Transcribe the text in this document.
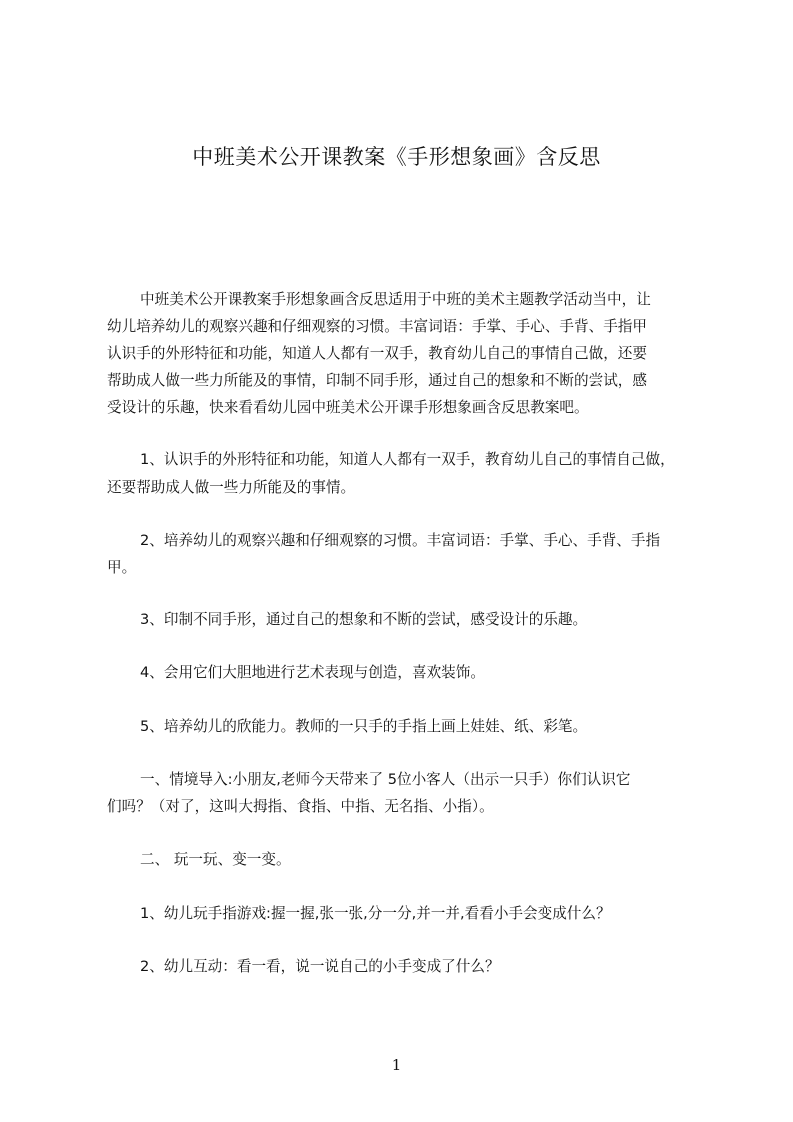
中班美术公开课教案《手形想象画》含反思
中班美术公开课教案手形想象画含反思适用于中班的美术主题教学活动当中，让
幼儿培养幼儿的观察兴趣和仔细观察的习惯。丰富词语：手掌、手心、手背、手指甲
认识手的外形特征和功能，知道人人都有一双手，教育幼儿自己的事情自己做，还要
帮助成人做一些力所能及的事情，印制不同手形，通过自己的想象和不断的尝试，感
受设计的乐趣，快来看看幼儿园中班美术公开课手形想象画含反思教案吧。
1、认识手的外形特征和功能，知道人人都有一双手，教育幼儿自己的事情自己做，
还要帮助成人做一些力所能及的事情。
2、培养幼儿的观察兴趣和仔细观察的习惯。丰富词语：手掌、手心、手背、手指
甲。
3、印制不同手形，通过自己的想象和不断的尝试，感受设计的乐趣。
4、会用它们大胆地进行艺术表现与创造，喜欢装饰。
5、培养幼儿的欣能力。教师的一只手的手指上画上娃娃、纸、彩笔。
一、情境导入:小朋友,老师今天带来了 5位小客人（出示一只手）你们认识它
们吗？（对了，这叫大拇指、食指、中指、无名指、小指）。
二、 玩一玩、变一变。
1、幼儿玩手指游戏:握一握,张一张,分一分,并一并,看看小手会变成什么？
2、幼儿互动：看一看，说一说自己的小手变成了什么？
1
